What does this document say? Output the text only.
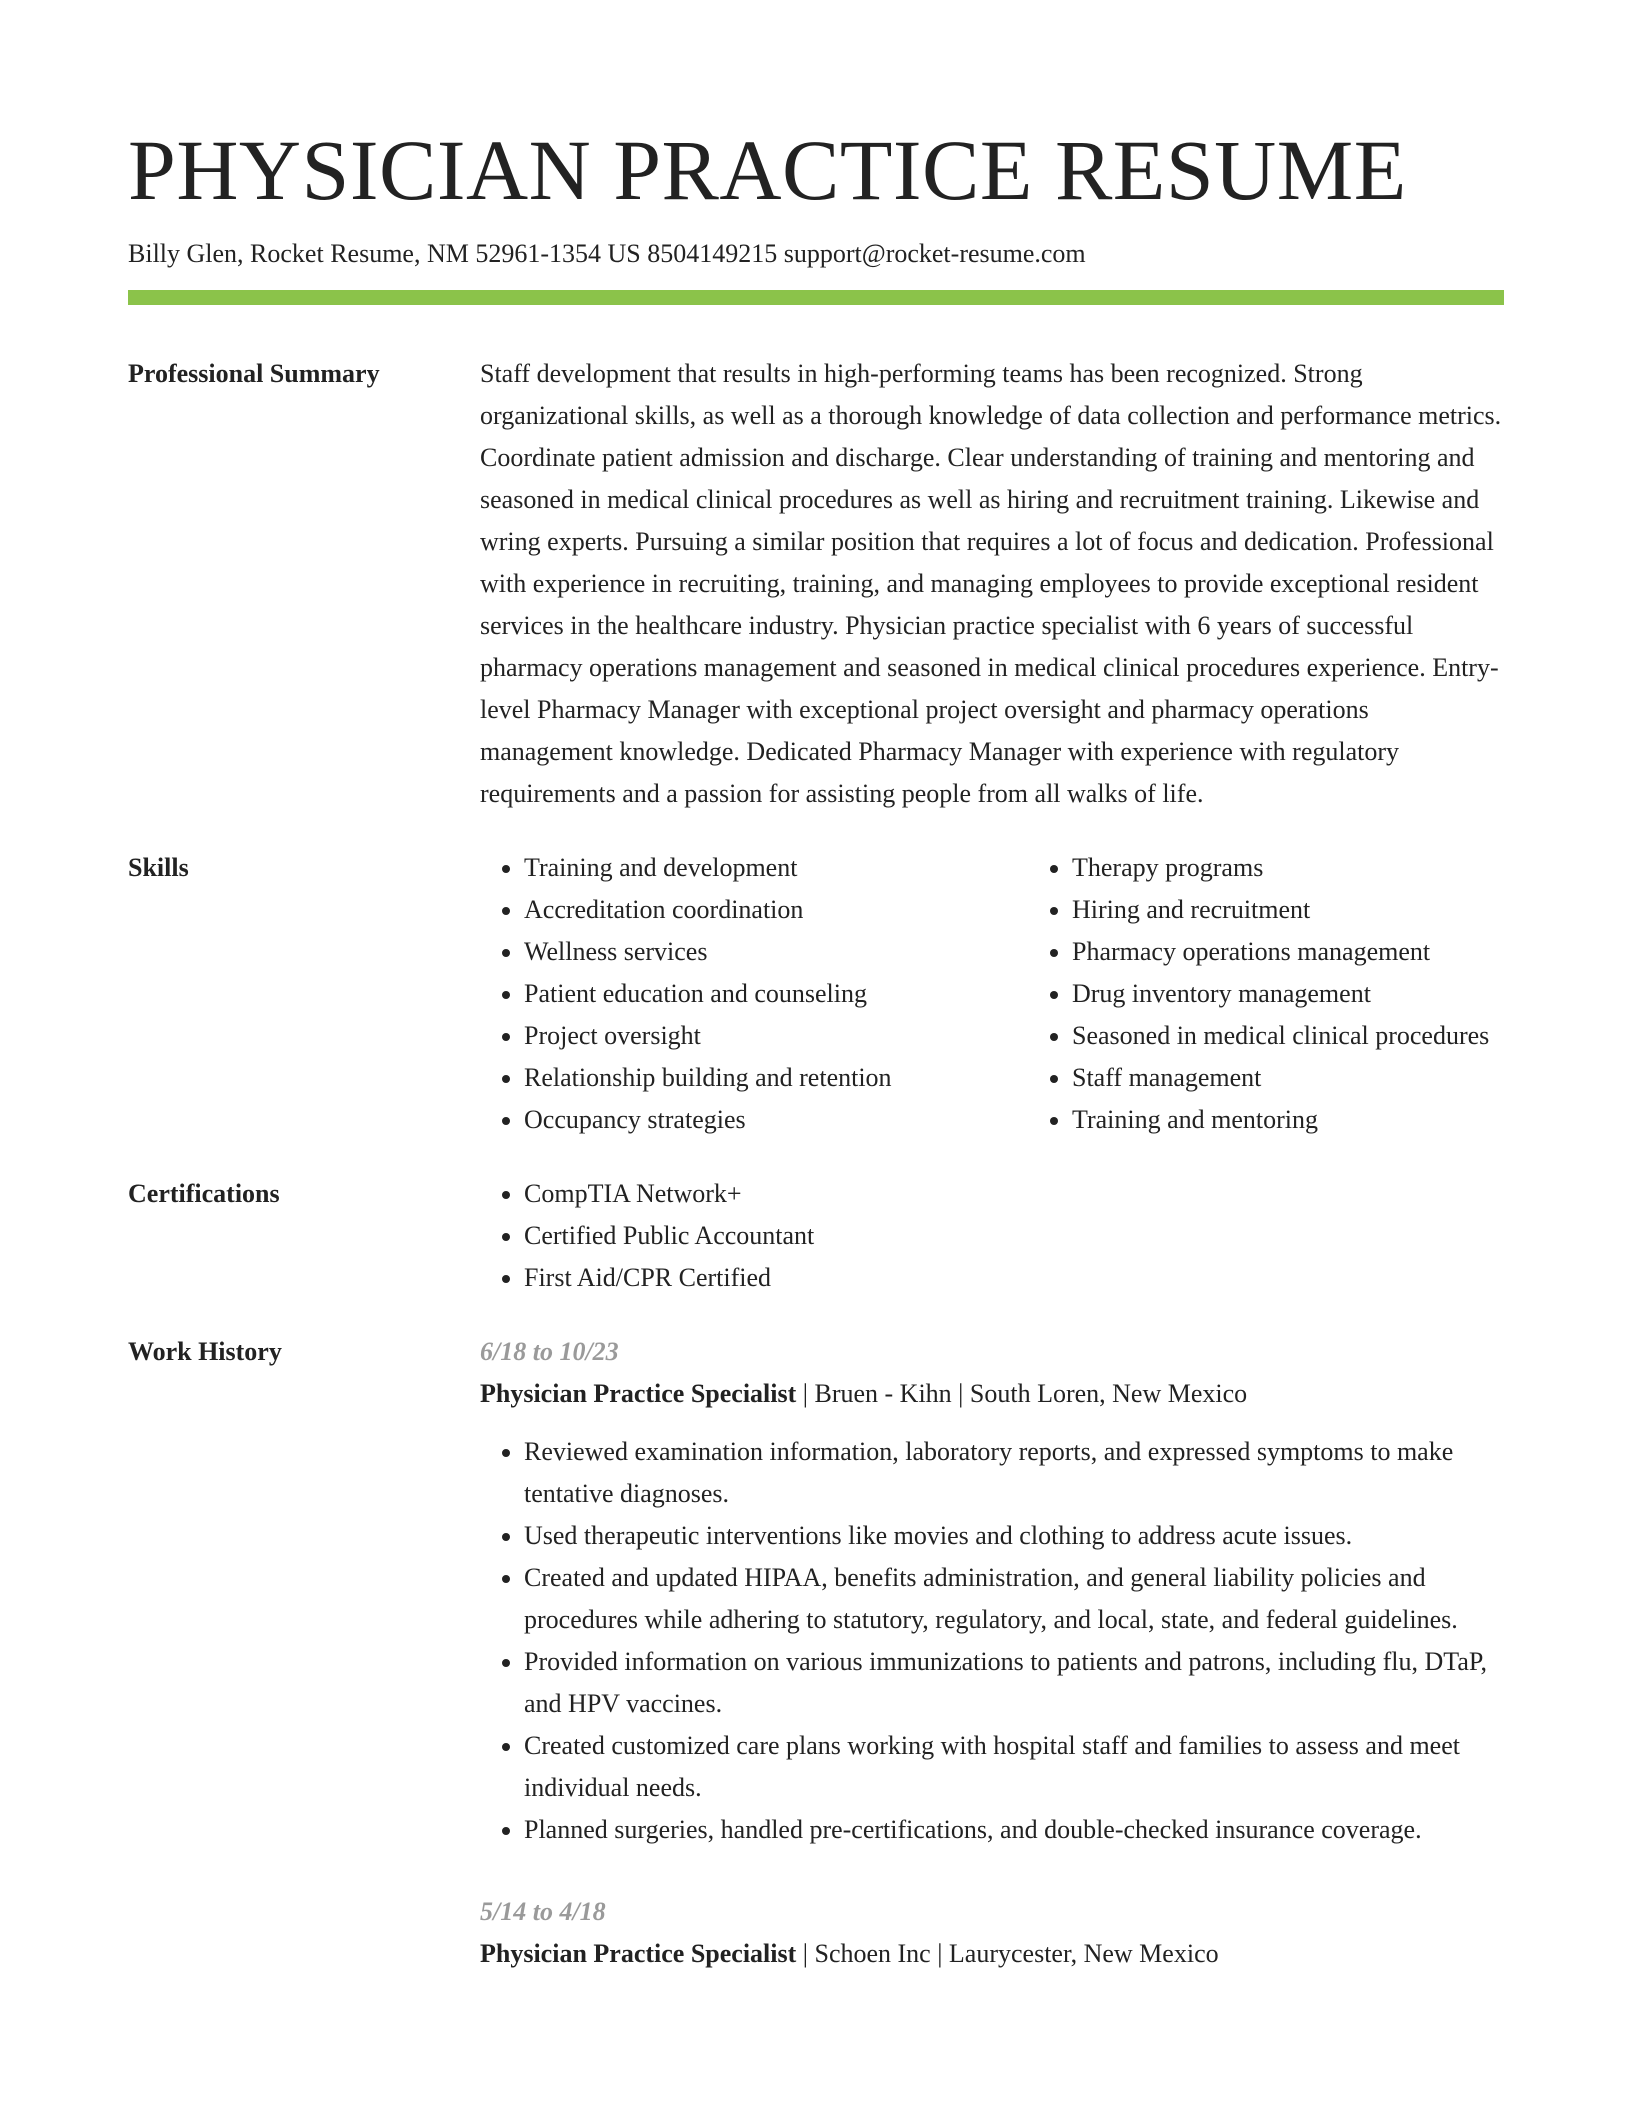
PHYSICIAN PRACTICE RESUME
Billy Glen, Rocket Resume, NM 52961-1354 US 8504149215 support@rocket-resume.com
Professional Summary	Staff development that results in high-performing teams has been recognized. Strong organizational skills, as well as a thorough knowledge of data collection and performance metrics. Coordinate patient admission and discharge. Clear understanding of training and mentoring and seasoned in medical clinical procedures as well as hiring and recruitment training. Likewise and wring experts. Pursuing a similar position that requires a lot of focus and dedication. Professional with experience in recruiting, training, and managing employees to provide exceptional resident services in the healthcare industry. Physician practice specialist with 6 years of successful pharmacy operations management and seasoned in medical clinical procedures experience. Entry-level Pharmacy Manager with exceptional project oversight and pharmacy operations management knowledge. Dedicated Pharmacy Manager with experience with regulatory requirements and a passion for assisting people from all walks of life.
Skills	• Training and development
• Accreditation coordination
• Wellness services
• Patient education and counseling
• Project oversight
• Relationship building and retention
• Occupancy strategies
• Therapy programs
• Hiring and recruitment
• Pharmacy operations management
• Drug inventory management
• Seasoned in medical clinical procedures
• Staff management
• Training and mentoring
Certifications	• CompTIA Network+
• Certified Public Accountant
• First Aid/CPR Certified
Work History	6/18 to 10/23
Physician Practice Specialist | Bruen - Kihn | South Loren, New Mexico
• Reviewed examination information, laboratory reports, and expressed symptoms to make tentative diagnoses.
• Used therapeutic interventions like movies and clothing to address acute issues.
• Created and updated HIPAA, benefits administration, and general liability policies and procedures while adhering to statutory, regulatory, and local, state, and federal guidelines.
• Provided information on various immunizations to patients and patrons, including flu, DTaP, and HPV vaccines.
• Created customized care plans working with hospital staff and families to assess and meet individual needs.
• Planned surgeries, handled pre-certifications, and double-checked insurance coverage.
5/14 to 4/18
Physician Practice Specialist | Schoen Inc | Laurycester, New Mexico
